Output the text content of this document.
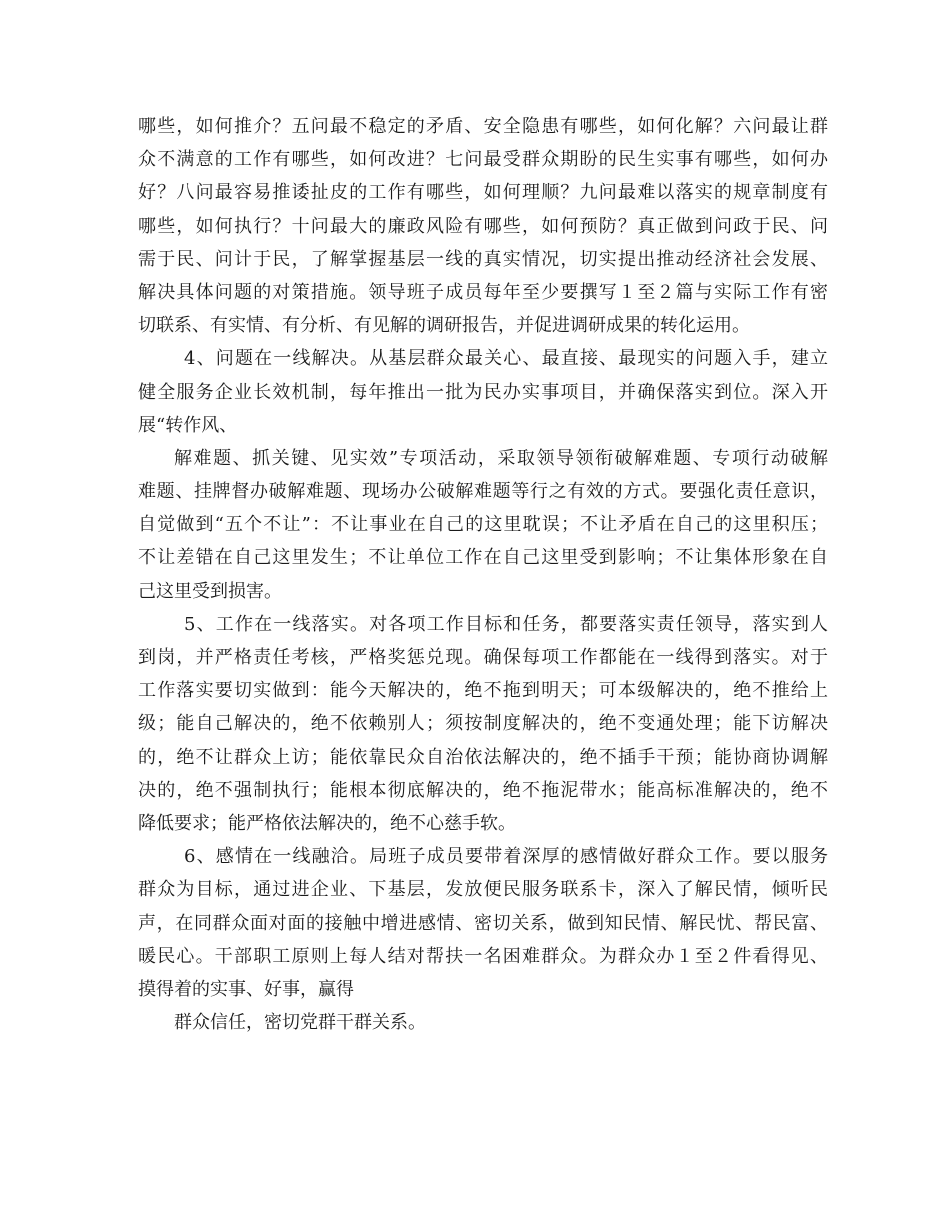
哪些，如何推介？五问最不稳定的矛盾、安全隐患有哪些，如何化解？六问最让群
众不满意的工作有哪些，如何改进？七问最受群众期盼的民生实事有哪些，如何办
好？八问最容易推诿扯皮的工作有哪些，如何理顺？九问最难以落实的规章制度有
哪些，如何执行？十问最大的廉政风险有哪些，如何预防？真正做到问政于民、问
需于民、问计于民，了解掌握基层一线的真实情况，切实提出推动经济社会发展、
解决具体问题的对策措施。领导班子成员每年至少要撰写１至２篇与实际工作有密
切联系、有实情、有分析、有见解的调研报告，并促进调研成果的转化运用。
4、问题在一线解决。从基层群众最关心、最直接、最现实的问题入手，建立
健全服务企业长效机制，每年推出一批为民办实事项目，并确保落实到位。深入开
展“转作风、
解难题、抓关键、见实效”专项活动，采取领导领衔破解难题、专项行动破解
难题、挂牌督办破解难题、现场办公破解难题等行之有效的方式。要强化责任意识，
自觉做到“五个不让”：不让事业在自己的这里耽误；不让矛盾在自己的这里积压；
不让差错在自己这里发生；不让单位工作在自己这里受到影响；不让集体形象在自
己这里受到损害。
5、工作在一线落实。对各项工作目标和任务，都要落实责任领导，落实到人
到岗，并严格责任考核，严格奖惩兑现。确保每项工作都能在一线得到落实。对于
工作落实要切实做到：能今天解决的，绝不拖到明天；可本级解决的，绝不推给上
级；能自己解决的，绝不依赖别人；须按制度解决的，绝不变通处理；能下访解决
的，绝不让群众上访；能依靠民众自治依法解决的，绝不插手干预；能协商协调解
决的，绝不强制执行；能根本彻底解决的，绝不拖泥带水；能高标准解决的，绝不
降低要求；能严格依法解决的，绝不心慈手软。
6、感情在一线融洽。局班子成员要带着深厚的感情做好群众工作。要以服务
群众为目标，通过进企业、下基层，发放便民服务联系卡，深入了解民情，倾听民
声，在同群众面对面的接触中增进感情、密切关系，做到知民情、解民忧、帮民富、
暖民心。干部职工原则上每人结对帮扶一名困难群众。为群众办１至２件看得见、
摸得着的实事、好事，赢得
群众信任，密切党群干群关系。
